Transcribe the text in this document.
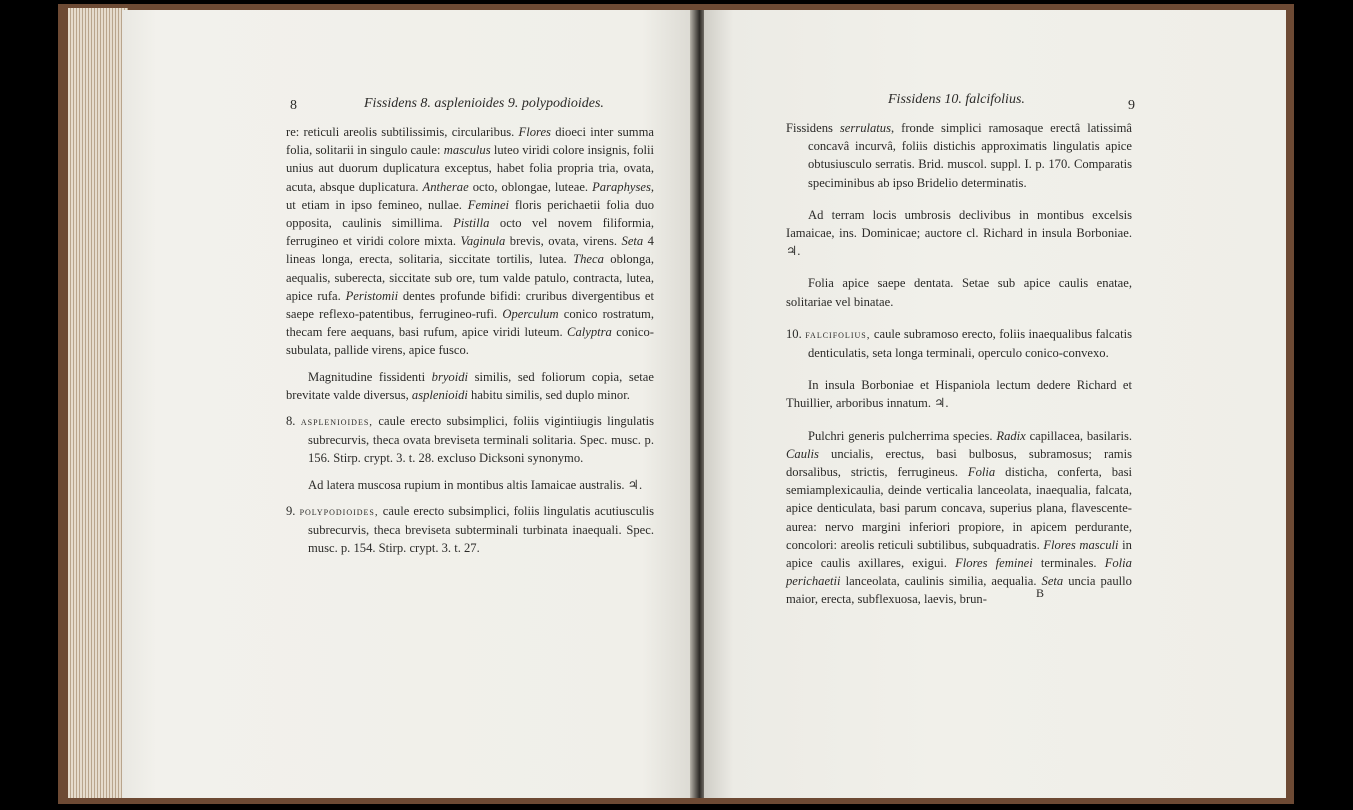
8	Fissidens 8. asplenioides 9. polypodioides.

re: reticuli areolis subtilissimis, circularibus. Flores dioeci inter summa folia, solitarii in singulo caule: masculus luteo viridi colore insignis, folii unius aut duorum duplicatura exceptus, habet folia propria tria, ovata, acuta, absque duplicatura. Antherae octo, oblongae, luteae. Paraphyses, ut etiam in ipso femineo, nullae. Feminei floris perichaetii folia duo opposita, caulinis simillima. Pistilla octo vel novem filiformia, ferrugineo et viridi colore mixta. Vaginula brevis, ovata, virens. Seta 4 lineas longa, erecta, solitaria, siccitate tortilis, lutea. Theca oblonga, aequalis, suberecta, siccitate sub ore, tum valde patulo, contracta, lutea, apice rufa. Peristomii dentes profunde bifidi: cruribus divergentibus et saepe reflexo-patentibus, ferrugineo-rufi. Operculum conico rostratum, thecam fere aequans, basi rufum, apice viridi luteum. Calyptra conico-subulata, pallide virens, apice fusco.

Magnitudine fissidenti bryoidi similis, sed foliorum copia, setae brevitate valde diversus, asplenioidi habitu similis, sed duplo minor.

8. asplenioides, caule erecto subsimplici, foliis vigintiiugis lingulatis subrecurvis, theca ovata breviseta terminali solitaria. Spec. musc. p. 156. Stirp. crypt. 3. t. 28. excluso Dicksoni synonymo.

Ad latera muscosa rupium in montibus altis Iamaicae australis. ♃.

9. polypodioides, caule erecto subsimplici, foliis lingulatis acutiusculis subrecurvis, theca breviseta subterminali turbinata inaequali. Spec. musc. p. 154. Stirp. crypt. 3. t. 27.

Fissidens 10. falcifolius.	9

Fissidens serrulatus, fronde simplici ramosaque erectâ latissimâ concavâ incurvâ, foliis distichis approximatis lingulatis apice obtusiusculo serratis. Brid. muscol. suppl. I. p. 170. Comparatis speciminibus ab ipso Bridelio determinatis.

Ad terram locis umbrosis declivibus in montibus excelsis Iamaicae, ins. Dominicae; auctore cl. Richard in insula Borboniae. ♃.

Folia apice saepe dentata. Setae sub apice caulis enatae, solitariae vel binatae.

10. falcifolius, caule subramoso erecto, foliis inaequalibus falcatis denticulatis, seta longa terminali, operculo conico-convexo.

In insula Borboniae et Hispaniola lectum dedere Richard et Thuillier, arboribus innatum. ♃.

Pulchri generis pulcherrima species. Radix capillacea, basilaris. Caulis uncialis, erectus, basi bulbosus, subramosus; ramis dorsalibus, strictis, ferrugineus. Folia disticha, conferta, basi semiamplexicaulia, deinde verticalia lanceolata, inaequalia, falcata, apice denticulata, basi parum concava, superius plana, flavescente-aurea: nervo margini inferiori propiore, in apicem perdurante, concolori: areolis reticuli subtilibus, subquadratis. Flores masculi in apice caulis axillares, exigui. Flores feminei terminales. Folia perichaetii lanceolata, caulinis similia, aequalia. Seta uncia paullo maior, erecta, subflexuosa, laevis, brun-	B
